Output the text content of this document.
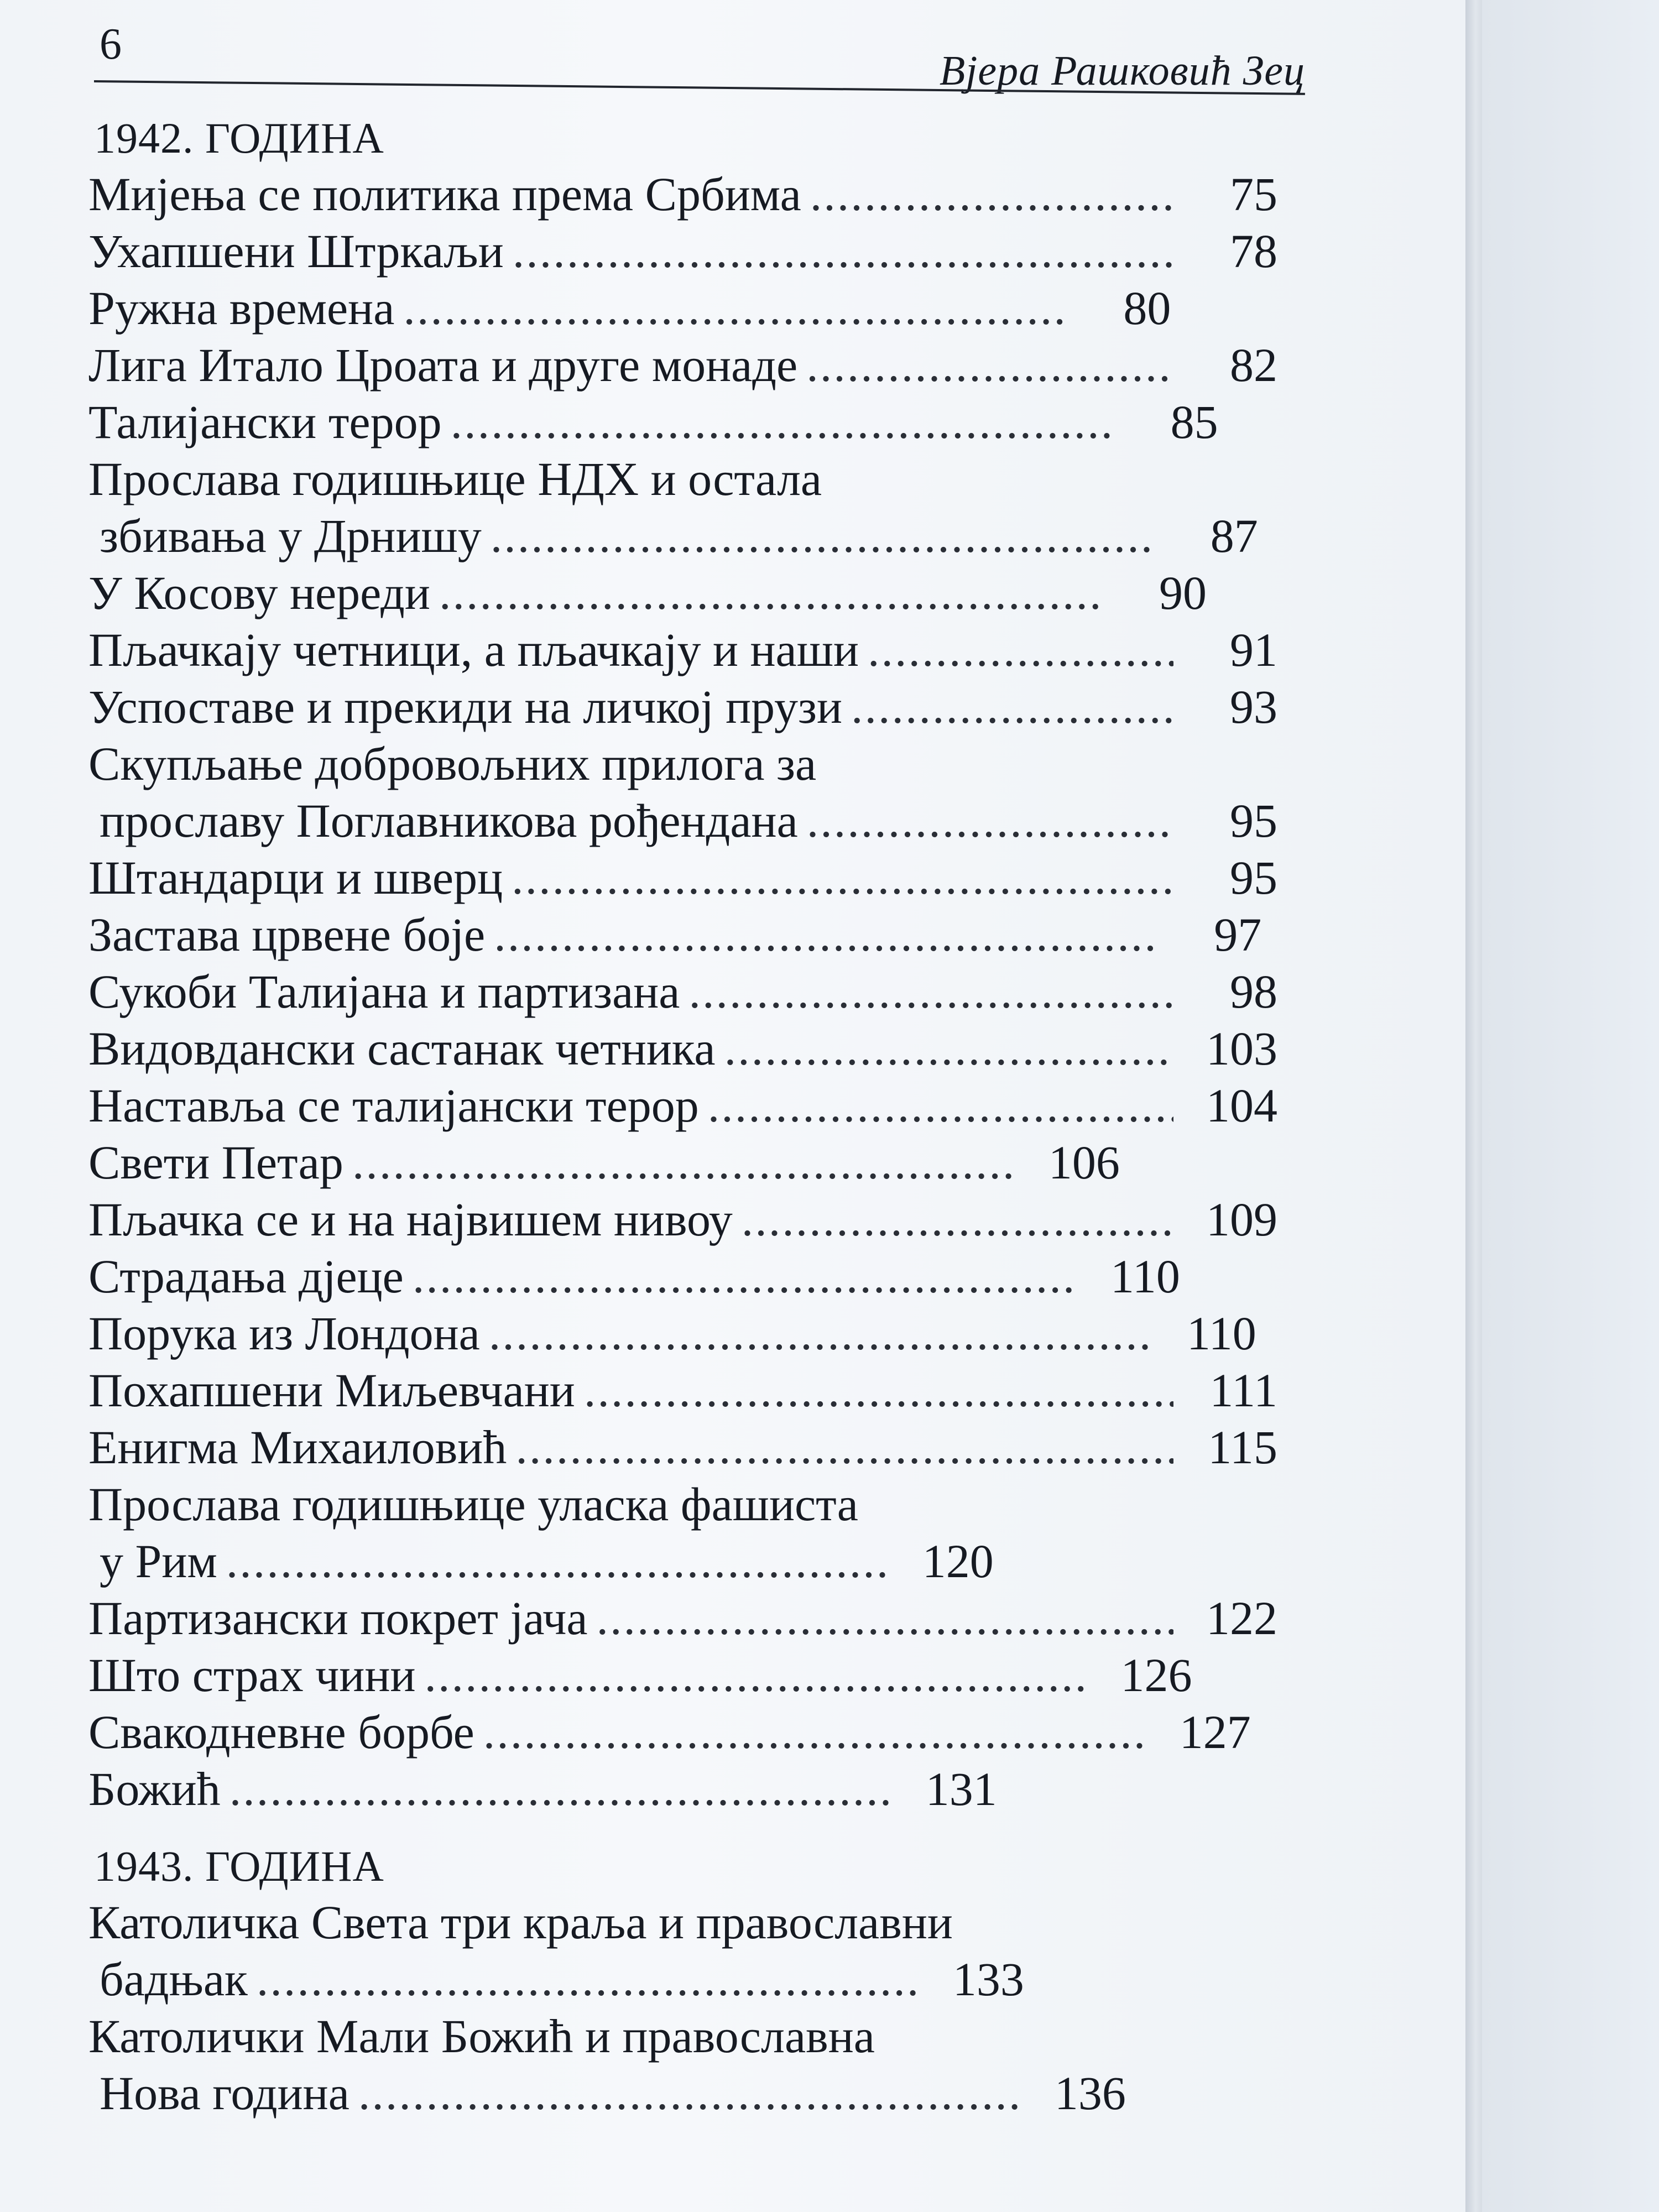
6
Вјера Рашковић Зец
1942. ГОДИНА
Мијења се политика према Србима .....	75
Ухапшени Штркаљи .....	78
Ружна времена .....	80
Лига Итало Цроата и друге монаде .....	82
Талијански терор .....	85
Прослава годишњице НДХ и остала
збивања у Дрнишу .....	87
У Косову нереди .....	90
Пљачкају четници, а пљачкају и наши .....	91
Успоставе и прекиди на личкој прузи .....	93
Скупљање добровољних прилога за
прославу Поглавникова рођендана .....	95
Штандарци и шверц .....	95
Застава црвене боје .....	97
Сукоби Талијана и партизана .....	98
Видовдански састанак четника .....	103
Наставља се талијански терор .....	104
Свети Петар .....	106
Пљачка се и на највишем нивоу .....	109
Страдања дјеце .....	110
Порука из Лондона .....	110
Похапшени Миљевчани .....	111
Енигма Михаиловић .....	115
Прослава годишњице уласка фашиста
у Рим .....	120
Партизански покрет јача .....	122
Што страх чини .....	126
Свакодневне борбе .....	127
Божић .....	131
1943. ГОДИНА
Католичка Света три краља и православни
бадњак .....	133
Католички Мали Божић и православна
Нова година .....	136
